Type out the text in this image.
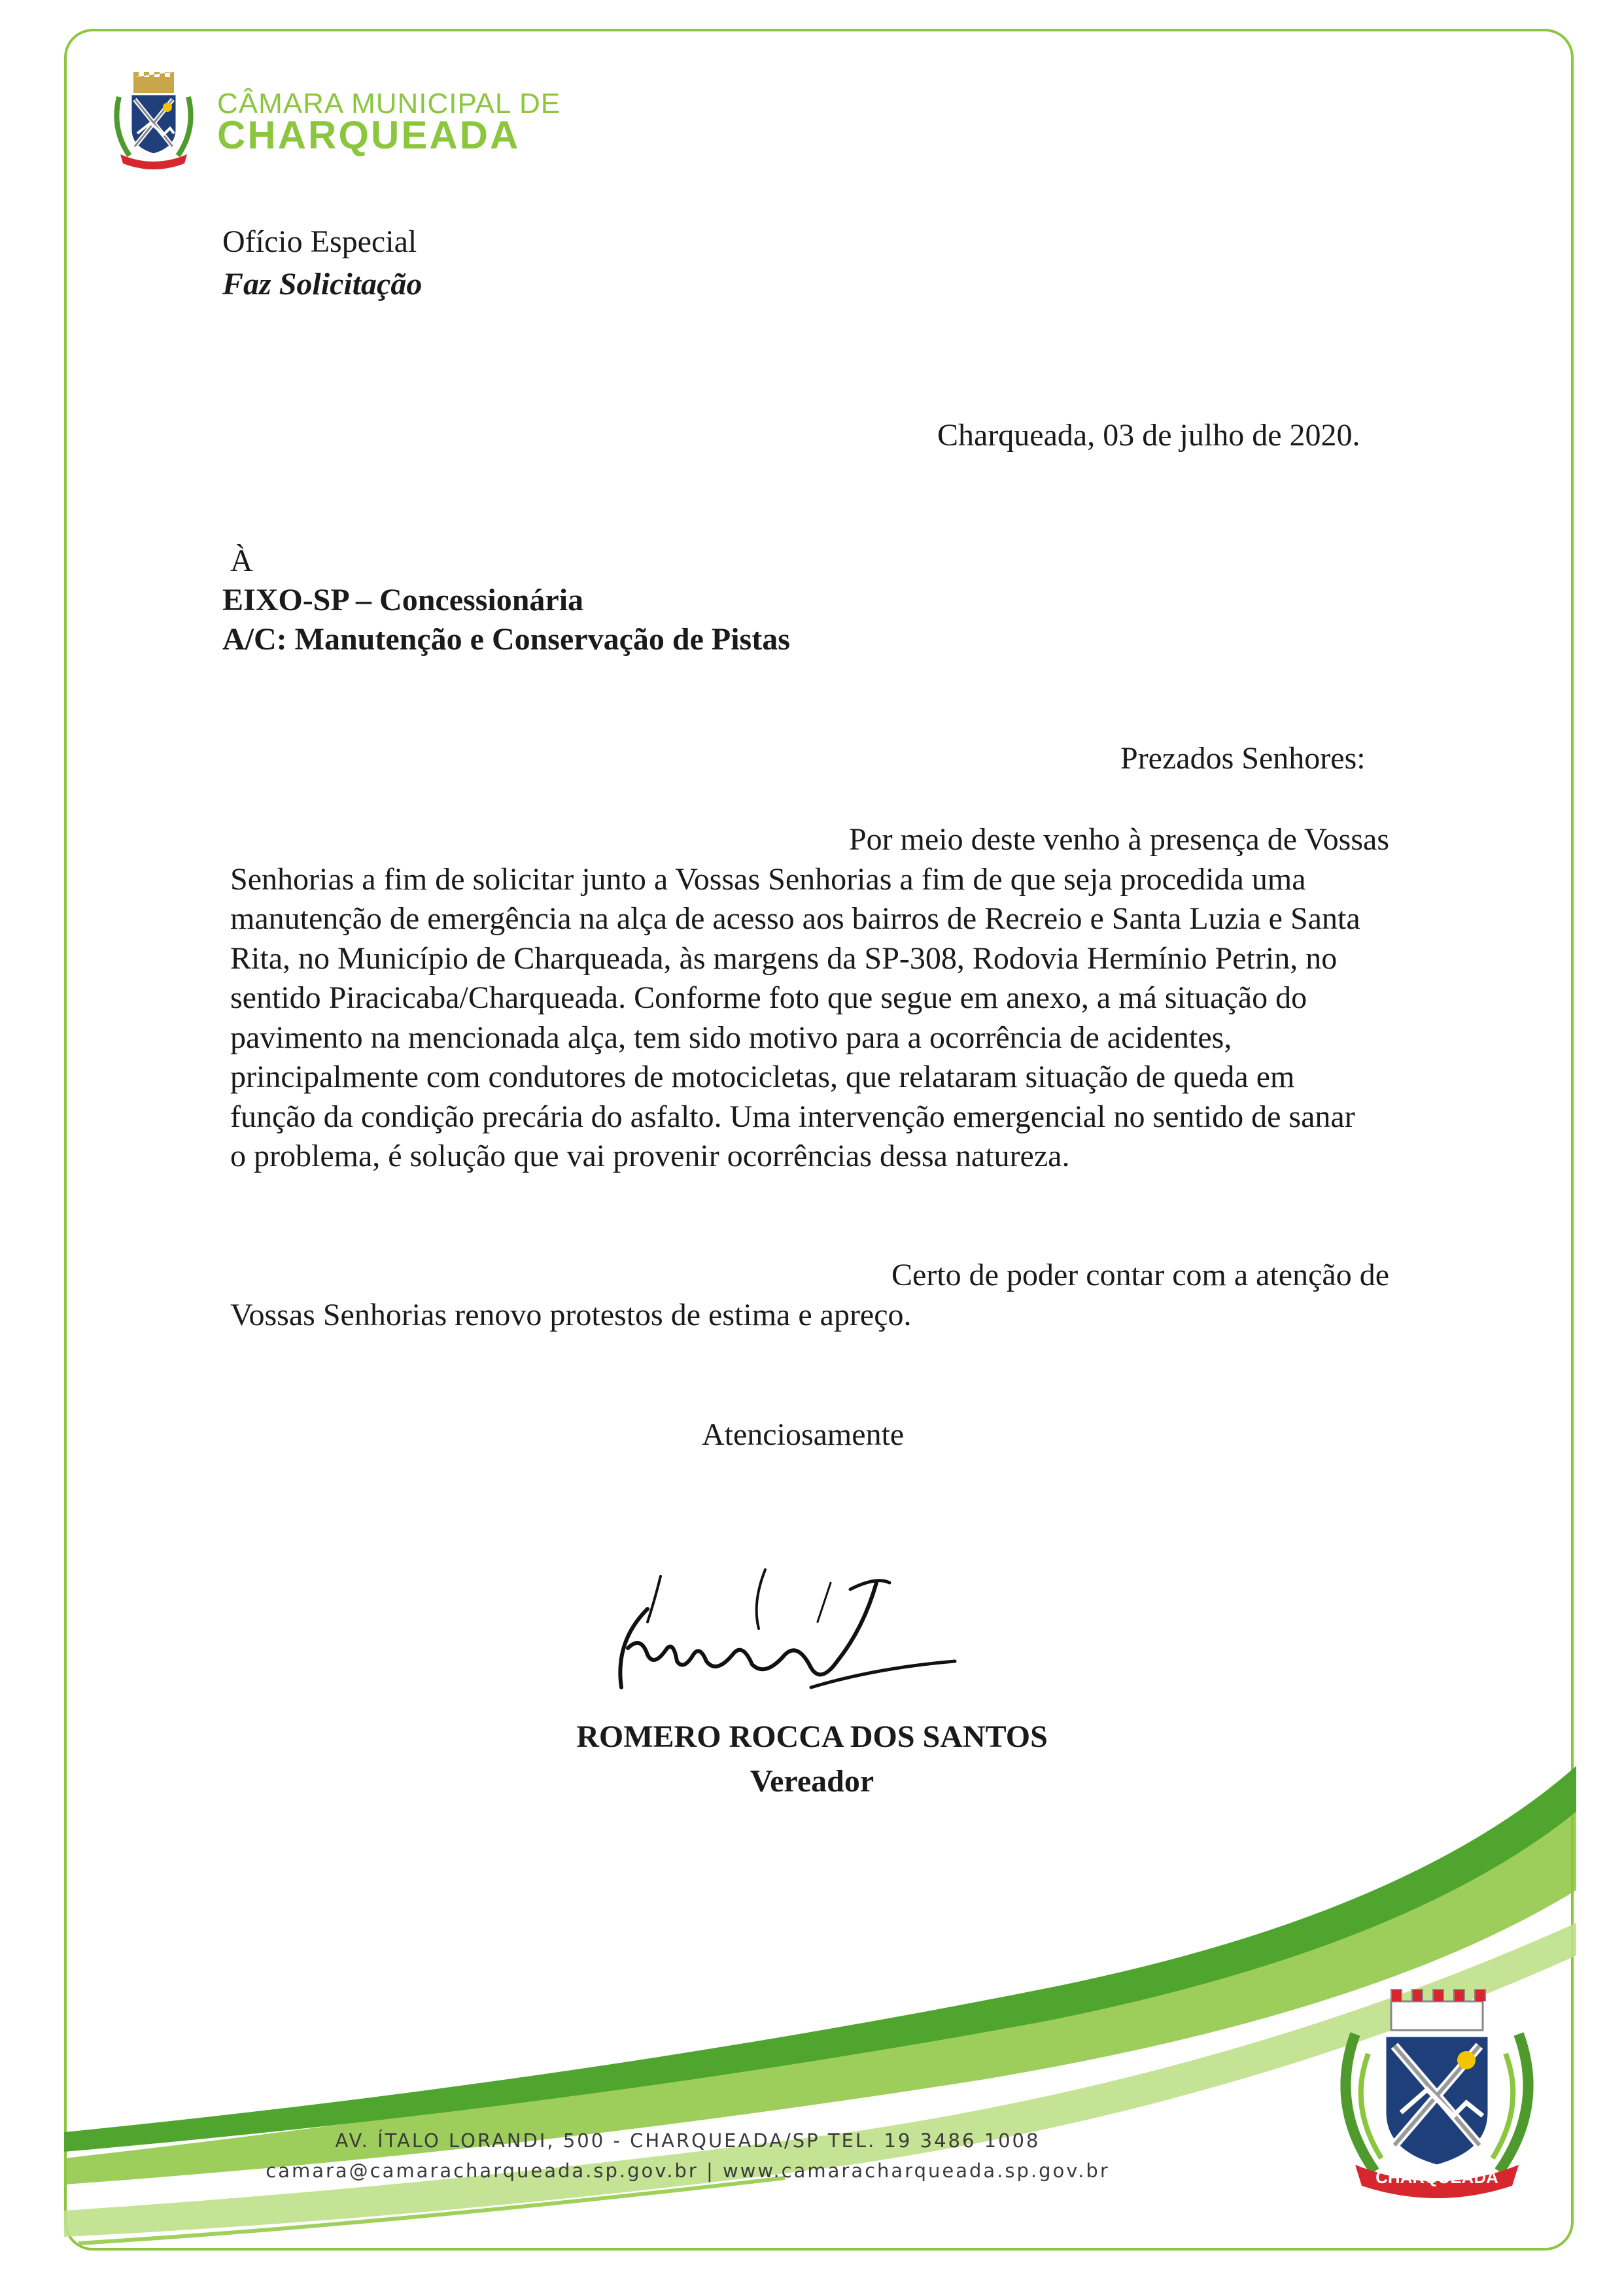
CÂMARA MUNICIPAL DE
CHARQUEADA
Ofício Especial
Faz Solicitação
Charqueada, 03 de julho de 2020.
À
EIXO-SP – Concessionária
A/C: Manutenção e Conservação de Pistas
Prezados Senhores:
Por meio deste venho à presença de Vossas
Senhorias a fim de solicitar junto a Vossas Senhorias a fim de que seja procedida uma
manutenção de emergência na alça de acesso aos bairros de Recreio e Santa Luzia e Santa
Rita, no Município de Charqueada, às margens da SP-308, Rodovia Hermínio Petrin, no
sentido Piracicaba/Charqueada. Conforme foto que segue em anexo, a má situação do
pavimento na mencionada alça, tem sido motivo para a ocorrência de acidentes,
principalmente com condutores de motocicletas, que relataram situação de queda em
função da condição precária do asfalto. Uma intervenção emergencial no sentido de sanar
o problema, é solução que vai provenir ocorrências dessa natureza.
Certo de poder contar com a atenção de
Vossas Senhorias renovo protestos de estima e apreço.
Atenciosamente
ROMERO ROCCA DOS SANTOS
Vereador
CHARQUEADA
AV. ÍTALO LORANDI, 500 - CHARQUEADA/SP TEL. 19 3486 1008
camara@camaracharqueada.sp.gov.br | www.camaracharqueada.sp.gov.br
